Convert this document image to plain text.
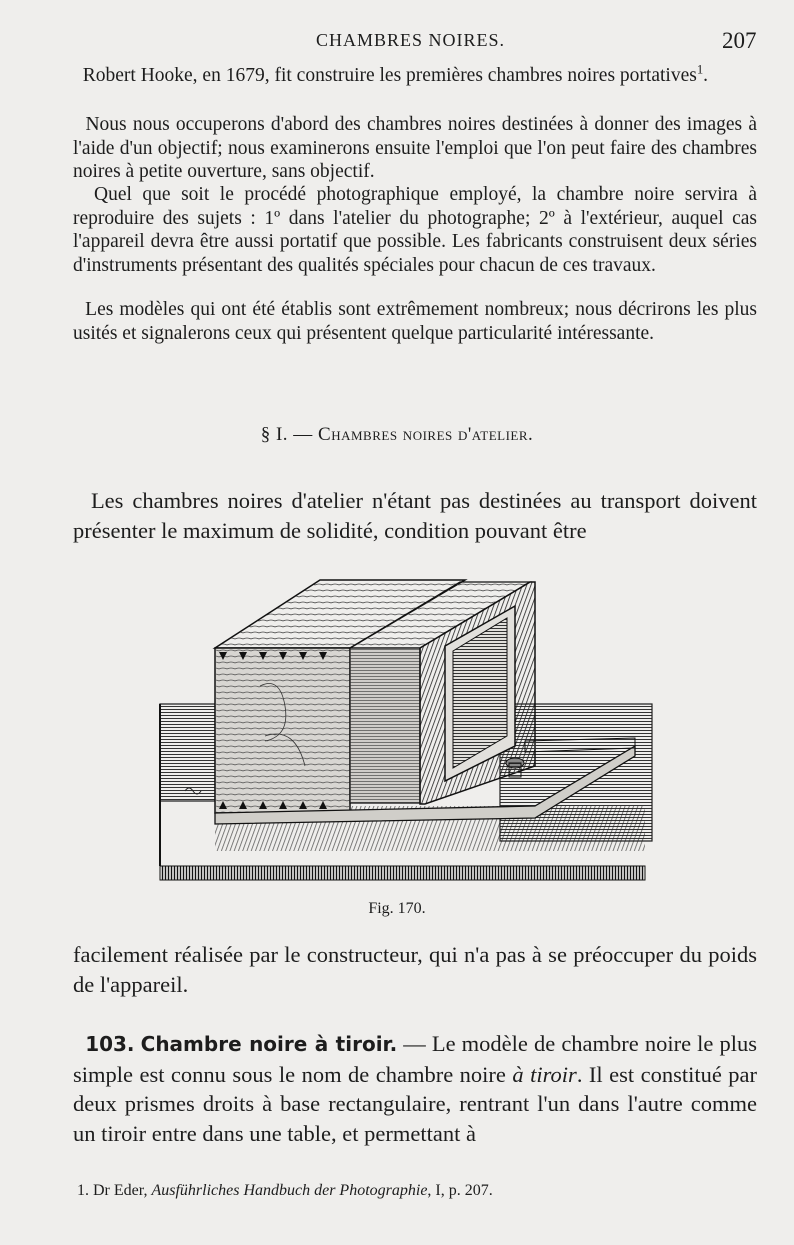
CHAMBRES NOIRES.	207

Robert Hooke, en 1679, fit construire les premières chambres noires portatives$^1$.

Nous nous occuperons d'abord des chambres noires destinées à donner des images à l'aide d'un objectif; nous examinerons ensuite l'emploi que l'on peut faire des chambres noires à petite ouverture, sans objectif.

Quel que soit le procédé photographique employé, la chambre noire servira à reproduire des sujets : 1º dans l'atelier du photographe; 2º à l'extérieur, auquel cas l'appareil devra être aussi portatif que possible. Les fabricants construisent deux séries d'instruments présentant des qualités spéciales pour chacun de ces travaux.

Les modèles qui ont été établis sont extrêmement nombreux; nous décrirons les plus usités et signalerons ceux qui présentent quelque particularité intéressante.

§ I. — Chambres noires d'atelier.

Les chambres noires d'atelier n'étant pas destinées au transport doivent présenter le maximum de solidité, condition pouvant être

Fig. 170.

facilement réalisée par le constructeur, qui n'a pas à se préoccuper du poids de l'appareil.

103. Chambre noire à tiroir. — Le modèle de chambre noire le plus simple est connu sous le nom de chambre noire à tiroir. Il est constitué par deux prismes droits à base rectangulaire, rentrant l'un dans l'autre comme un tiroir entre dans une table, et permettant à

1. Dr Eder, Ausführliches Handbuch der Photographie, I, p. 207.
